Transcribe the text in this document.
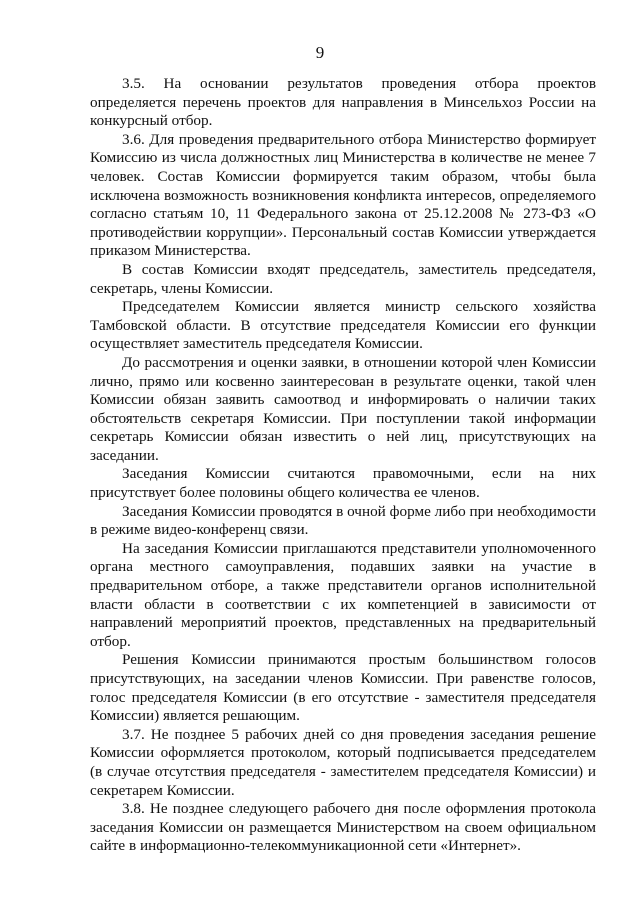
9

3.5. На основании результатов проведения отбора проектов определяется перечень проектов для направления в Минсельхоз России на конкурсный отбор.

3.6. Для проведения предварительного отбора Министерство формирует Комиссию из числа должностных лиц Министерства в количестве не менее 7 человек. Состав Комиссии формируется таким образом, чтобы была исключена возможность возникновения конфликта интересов, определяемого согласно статьям 10, 11 Федерального закона от 25.12.2008 № 273-ФЗ «О противодействии коррупции». Персональный состав Комиссии утверждается приказом Министерства.

В состав Комиссии входят председатель, заместитель председателя, секретарь, члены Комиссии.

Председателем Комиссии является министр сельского хозяйства Тамбовской области. В отсутствие председателя Комиссии его функции осуществляет заместитель председателя Комиссии.

До рассмотрения и оценки заявки, в отношении которой член Комиссии лично, прямо или косвенно заинтересован в результате оценки, такой член Комиссии обязан заявить самоотвод и информировать о наличии таких обстоятельств секретаря Комиссии. При поступлении такой информации секретарь Комиссии обязан известить о ней лиц, присутствующих на заседании.

Заседания Комиссии считаются правомочными, если на них присутствует более половины общего количества ее членов.

Заседания Комиссии проводятся в очной форме либо при необходимости в режиме видео-конференц связи.

На заседания Комиссии приглашаются представители уполномоченного органа местного самоуправления, подавших заявки на участие в предварительном отборе, а также представители органов исполнительной власти области в соответствии с их компетенцией в зависимости от направлений мероприятий проектов, представленных на предварительный отбор.

Решения Комиссии принимаются простым большинством голосов присутствующих, на заседании членов Комиссии. При равенстве голосов, голос председателя Комиссии (в его отсутствие - заместителя председателя Комиссии) является решающим.

3.7. Не позднее 5 рабочих дней со дня проведения заседания решение Комиссии оформляется протоколом, который подписывается председателем (в случае отсутствия председателя - заместителем председателя Комиссии) и секретарем Комиссии.

3.8. Не позднее следующего рабочего дня после оформления протокола заседания Комиссии он размещается Министерством на своем официальном сайте в информационно-телекоммуникационной сети «Интернет».
